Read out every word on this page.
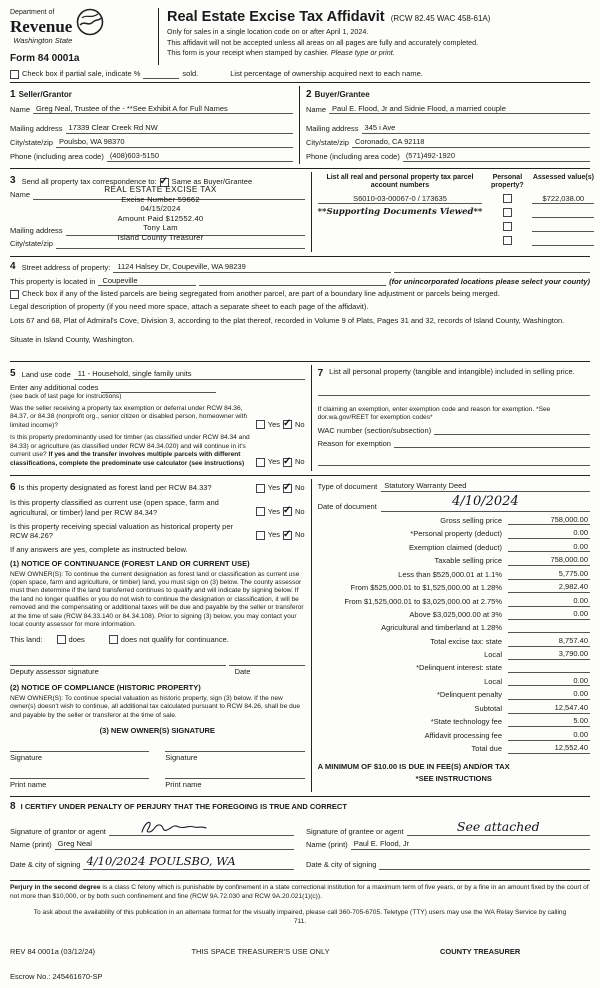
Department of
Revenue
Washington State
Form 84 0001a
Real Estate Excise Tax Affidavit (RCW 82.45 WAC 458-61A)
Only for sales in a single location code on or after April 1, 2024.
This affidavit will not be accepted unless all areas on all pages are fully and accurately completed.
This form is your receipt when stamped by cashier. Please type or print.
Check box if partial sale, indicate %	sold.	List percentage of ownership acquired next to each name.
1 Seller/Grantor
Name Greg Neal, Trustee of the - **See Exhibit A for Full Names
Mailing address 17339 Clear Creek Rd NW
City/state/zip Poulsbo, WA 98370
Phone (including area code) (408)603-5150
2 Buyer/Grantee
Name Paul E. Flood, Jr and Sidnie Flood, a married couple
Mailing address 345 i Ave
City/state/zip Coronado, CA 92118
Phone (including area code) (571)492-1920
3 Send all property tax correspondence to: ✓ Same as Buyer/Grantee
Name
Mailing address
City/state/zip
REAL ESTATE EXCISE TAX
Excise Number 59662
04/15/2024
Amount Paid $12552.40
Tony Lam
Island County Treasurer
List all real and personal property tax parcel account numbers
Personal property?
Assessed value(s)
S6010-03-00067-0 / 173635	$722,038.00
**Supporting Documents Viewed**
4 Street address of property: 1124 Halsey Dr, Coupeville, WA 98239
This property is located in Coupeville	(for unincorporated locations please select your county)
Check box if any of the listed parcels are being segregated from another parcel, are part of a boundary line adjustment or parcels being merged.
Legal description of property (if you need more space, attach a separate sheet to each page of the affidavit).
Lots 67 and 68, Plat of Admiral's Cove, Division 3, according to the plat thereof, recorded in Volume 9 of Plats, Pages 31 and 32, records of Island County, Washington.
Situate in Island County, Washington.
5 Land use code 11 - Household, single family units
Enter any additional codes
(see back of last page for instructions)
Was the seller receiving a property tax exemption or deferral under RCW 84.36, 84.37, or 84.38 (nonprofit org., senior citizen or disabled person, homeowner with limited income)?	Yes ✓ No
Is this property predominantly used for timber (as classified under RCW 84.34 and 84.33) or agriculture (as classified under RCW 84.34.020) and will continue in it's current use? If yes and the transfer involves multiple parcels with different classifications, complete the predominate use calculator (see instructions)	Yes ✓ No
7 List all personal property (tangible and intangible) included in selling price.
If claiming an exemption, enter exemption code and reason for exemption. *See dor.wa.gov/REET for exemption codes*
WAC number (section/subsection)
Reason for exemption
6 Is this property designated as forest land per RCW 84.33?	Yes ✓ No
Is this property classified as current use (open space, farm and agricultural, or timber) land per RCW 84.34?	Yes ✓ No
Is this property receiving special valuation as historical property per RCW 84.26?	Yes ✓ No
If any answers are yes, complete as instructed below.
(1) NOTICE OF CONTINUANCE (FOREST LAND OR CURRENT USE)
NEW OWNER(S): To continue the current designation as forest land or classification as current use (open space, farm and agriculture, or timber) land, you must sign on (3) below. The county assessor must then determine if the land transferred continues to qualify and will indicate by signing below. If the land no longer qualifies or you do not wish to continue the designation or classification, it will be removed and the compensating or additional taxes will be due and payable by the seller or transferor at the time of sale (RCW 84.33.140 or 84.34.108). Prior to signing (3) below, you may contact your local county assessor for more information.
This land:	does	does not qualify for continuance.
Deputy assessor signature	Date
(2) NOTICE OF COMPLIANCE (HISTORIC PROPERTY)
NEW OWNER(S): To continue special valuation as historic property, sign (3) below. If the new owner(s) doesn't wish to continue, all additional tax calculated pursuant to RCW 84.26, shall be due and payable by the seller or transferor at the time of sale.
(3) NEW OWNER(S) SIGNATURE
Signature	Signature
Print name	Print name
Type of document Statutory Warranty Deed
Date of document	4/10/2024
Gross selling price	758,000.00
*Personal property (deduct)	0.00
Exemption claimed (deduct)	0.00
Taxable selling price	758,000.00
Less than $525,000.01 at 1.1%	5,775.00
From $525,000.01 to $1,525,000.00 at 1.28%	2,982.40
From $1,525,000.01 to $3,025,000.00 at 2.75%	0.00
Above $3,025,000.00 at 3%	0.00
Agricultural and timberland at 1.28%
Total excise tax: state	8,757.40
Local	3,790.00
*Delinquent interest: state
Local	0.00
*Delinquent penalty	0.00
Subtotal	12,547.40
*State technology fee	5.00
Affidavit processing fee	0.00
Total due	12,552.40
A MINIMUM OF $10.00 IS DUE IN FEE(S) AND/OR TAX
*SEE INSTRUCTIONS
8 I CERTIFY UNDER PENALTY OF PERJURY THAT THE FOREGOING IS TRUE AND CORRECT
Signature of grantor or agent
Name (print) Greg Neal
Date & city of signing 4/10/2024 POULSBO, WA
Signature of grantee or agent	See attached
Name (print) Paul E. Flood, Jr
Date & city of signing
Perjury in the second degree is a class C felony which is punishable by confinement in a state correctional institution for a maximum term of five years, or by a fine in an amount fixed by the court of not more than $10,000, or by both such confinement and fine (RCW 9A.72.030 and RCW 9A.20.021(1)(c)).
To ask about the availability of this publication in an alternate format for the visually impaired, please call 360-705-6705. Teletype (TTY) users may use the WA Relay Service by calling 711.
REV 84 0001a (03/12/24)	THIS SPACE TREASURER'S USE ONLY	COUNTY TREASURER
Escrow No.: 245461670-SP
